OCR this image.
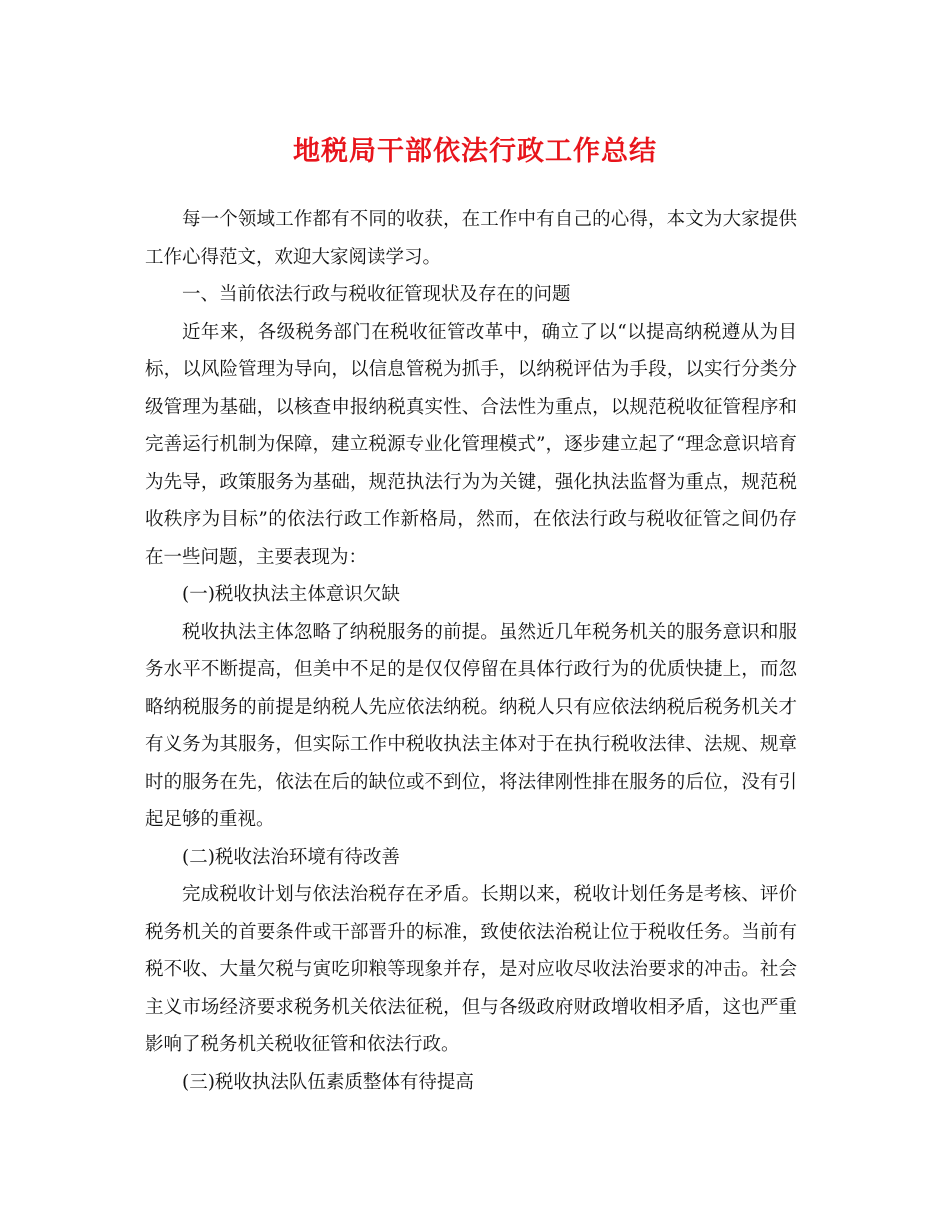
地税局干部依法行政工作总结

每一个领域工作都有不同的收获，在工作中有自己的心得，本文为大家提供工作心得范文，欢迎大家阅读学习。

一、当前依法行政与税收征管现状及存在的问题

近年来，各级税务部门在税收征管改革中，确立了以“以提高纳税遵从为目标，以风险管理为导向，以信息管税为抓手，以纳税评估为手段，以实行分类分级管理为基础，以核查申报纳税真实性、合法性为重点，以规范税收征管程序和完善运行机制为保障，建立税源专业化管理模式”，逐步建立起了“理念意识培育为先导，政策服务为基础，规范执法行为为关键，强化执法监督为重点，规范税收秩序为目标”的依法行政工作新格局，然而，在依法行政与税收征管之间仍存在一些问题，主要表现为：

(一)税收执法主体意识欠缺

税收执法主体忽略了纳税服务的前提。虽然近几年税务机关的服务意识和服务水平不断提高，但美中不足的是仅仅停留在具体行政行为的优质快捷上，而忽略纳税服务的前提是纳税人先应依法纳税。纳税人只有应依法纳税后税务机关才有义务为其服务，但实际工作中税收执法主体对于在执行税收法律、法规、规章时的服务在先，依法在后的缺位或不到位，将法律刚性排在服务的后位，没有引起足够的重视。

(二)税收法治环境有待改善

完成税收计划与依法治税存在矛盾。长期以来，税收计划任务是考核、评价税务机关的首要条件或干部晋升的标准，致使依法治税让位于税收任务。当前有税不收、大量欠税与寅吃卯粮等现象并存，是对应收尽收法治要求的冲击。社会主义市场经济要求税务机关依法征税，但与各级政府财政增收相矛盾，这也严重影响了税务机关税收征管和依法行政。

(三)税收执法队伍素质整体有待提高
